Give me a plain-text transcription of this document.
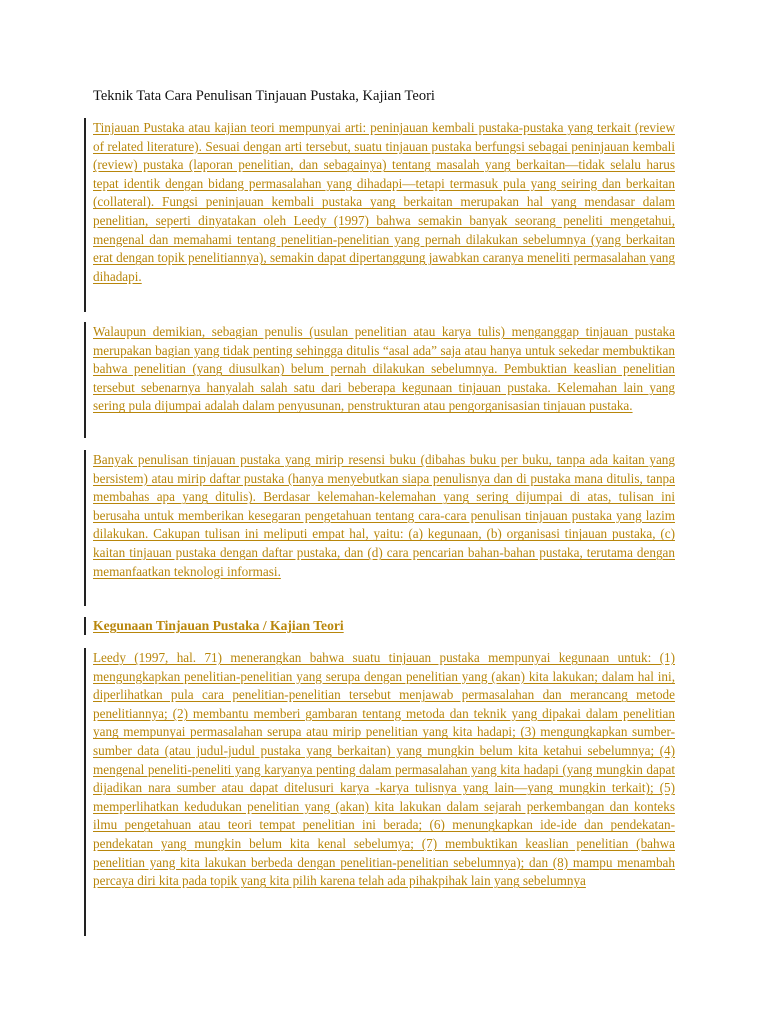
Teknik Tata Cara Penulisan Tinjauan Pustaka, Kajian Teori
Tinjauan Pustaka atau kajian teori mempunyai arti: peninjauan kembali pustaka-pustaka yang terkait (review of related literature). Sesuai dengan arti tersebut, suatu tinjauan pustaka berfungsi sebagai peninjauan kembali (review) pustaka (laporan penelitian, dan sebagainya) tentang masalah yang berkaitan—tidak selalu harus tepat identik dengan bidang permasalahan yang dihadapi—tetapi termasuk pula yang seiring dan berkaitan (collateral). Fungsi peninjauan kembali pustaka yang berkaitan merupakan hal yang mendasar dalam penelitian, seperti dinyatakan oleh Leedy (1997) bahwa semakin banyak seorang peneliti mengetahui, mengenal dan memahami tentang penelitian-penelitian yang pernah dilakukan sebelumnya (yang berkaitan erat dengan topik penelitiannya), semakin dapat dipertanggung jawabkan caranya meneliti permasalahan yang dihadapi.
Walaupun demikian, sebagian penulis (usulan penelitian atau karya tulis) menganggap tinjauan pustaka merupakan bagian yang tidak penting sehingga ditulis “asal ada” saja atau hanya untuk sekedar membuktikan bahwa penelitian (yang diusulkan) belum pernah dilakukan sebelumnya. Pembuktian keaslian penelitian tersebut sebenarnya hanyalah salah satu dari beberapa kegunaan tinjauan pustaka. Kelemahan lain yang sering pula dijumpai adalah dalam penyusunan, penstrukturan atau pengorganisasian tinjauan pustaka.
Banyak penulisan tinjauan pustaka yang mirip resensi buku (dibahas buku per buku, tanpa ada kaitan yang bersistem) atau mirip daftar pustaka (hanya menyebutkan siapa penulisnya dan di pustaka mana ditulis, tanpa membahas apa yang ditulis). Berdasar kelemahan-kelemahan yang sering dijumpai di atas, tulisan ini berusaha untuk memberikan kesegaran pengetahuan tentang cara-cara penulisan tinjauan pustaka yang lazim dilakukan. Cakupan tulisan ini meliputi empat hal, yaitu: (a) kegunaan, (b) organisasi tinjauan pustaka, (c) kaitan tinjauan pustaka dengan daftar pustaka, dan (d) cara pencarian bahan-bahan pustaka, terutama dengan memanfaatkan teknologi informasi.
Kegunaan Tinjauan Pustaka / Kajian Teori
Leedy (1997, hal. 71) menerangkan bahwa suatu tinjauan pustaka mempunyai kegunaan untuk: (1) mengungkapkan penelitian-penelitian yang serupa dengan penelitian yang (akan) kita lakukan; dalam hal ini, diperlihatkan pula cara penelitian-penelitian tersebut menjawab permasalahan dan merancang metode penelitiannya; (2) membantu memberi gambaran tentang metoda dan teknik yang dipakai dalam penelitian yang mempunyai permasalahan serupa atau mirip penelitian yang kita hadapi; (3) mengungkapkan sumber-sumber data (atau judul-judul pustaka yang berkaitan) yang mungkin belum kita ketahui sebelumnya; (4) mengenal peneliti-peneliti yang karyanya penting dalam permasalahan yang kita hadapi (yang mungkin dapat dijadikan nara sumber atau dapat ditelusuri karya -karya tulisnya yang lain—yang mungkin terkait); (5) memperlihatkan kedudukan penelitian yang (akan) kita lakukan dalam sejarah perkembangan dan konteks ilmu pengetahuan atau teori tempat penelitian ini berada; (6) menungkapkan ide-ide dan pendekatan-pendekatan yang mungkin belum kita kenal sebelumya; (7) membuktikan keaslian penelitian (bahwa penelitian yang kita lakukan berbeda dengan penelitian-penelitian sebelumnya); dan (8) mampu menambah percaya diri kita pada topik yang kita pilih karena telah ada pihakpihak lain yang sebelumnya
